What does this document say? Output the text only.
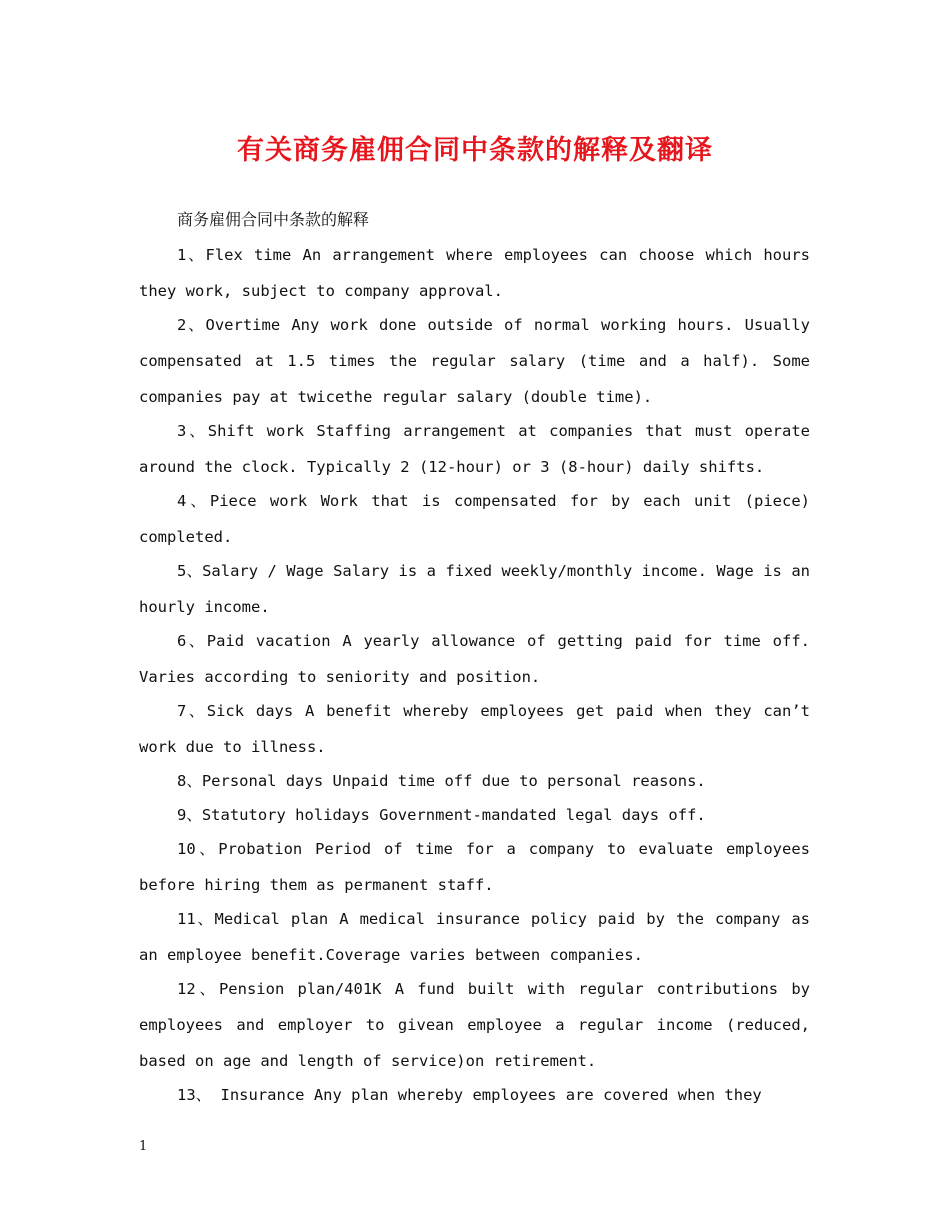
有关商务雇佣合同中条款的解释及翻译

商务雇佣合同中条款的解释

1、Flex time An arrangement where employees can choose which hours they work, subject to company approval.

2、Overtime Any work done outside of normal working hours. Usually compensated at 1.5 times the regular salary (time and a half). Some companies pay at twicethe regular salary (double time).

3、Shift work Staffing arrangement at companies that must operate around the clock. Typically 2 (12-hour) or 3 (8-hour) daily shifts.

4、Piece work Work that is compensated for by each unit (piece) completed.

5、Salary / Wage Salary is a fixed weekly/monthly income. Wage is an hourly income.

6、Paid vacation A yearly allowance of getting paid for time off. Varies according to seniority and position.

7、Sick days A benefit whereby employees get paid when they can’t work due to illness.

8、Personal days Unpaid time off due to personal reasons.

9、Statutory holidays Government-mandated legal days off.

10、Probation Period of time for a company to evaluate employees before hiring them as permanent staff.

11、Medical plan A medical insurance policy paid by the company as an employee benefit.Coverage varies between companies.

12、Pension plan/401K A fund built with regular contributions by employees and employer to givean employee a regular income (reduced, based on age and length of service)on retirement.

13、 Insurance Any plan whereby employees are covered when they

1
